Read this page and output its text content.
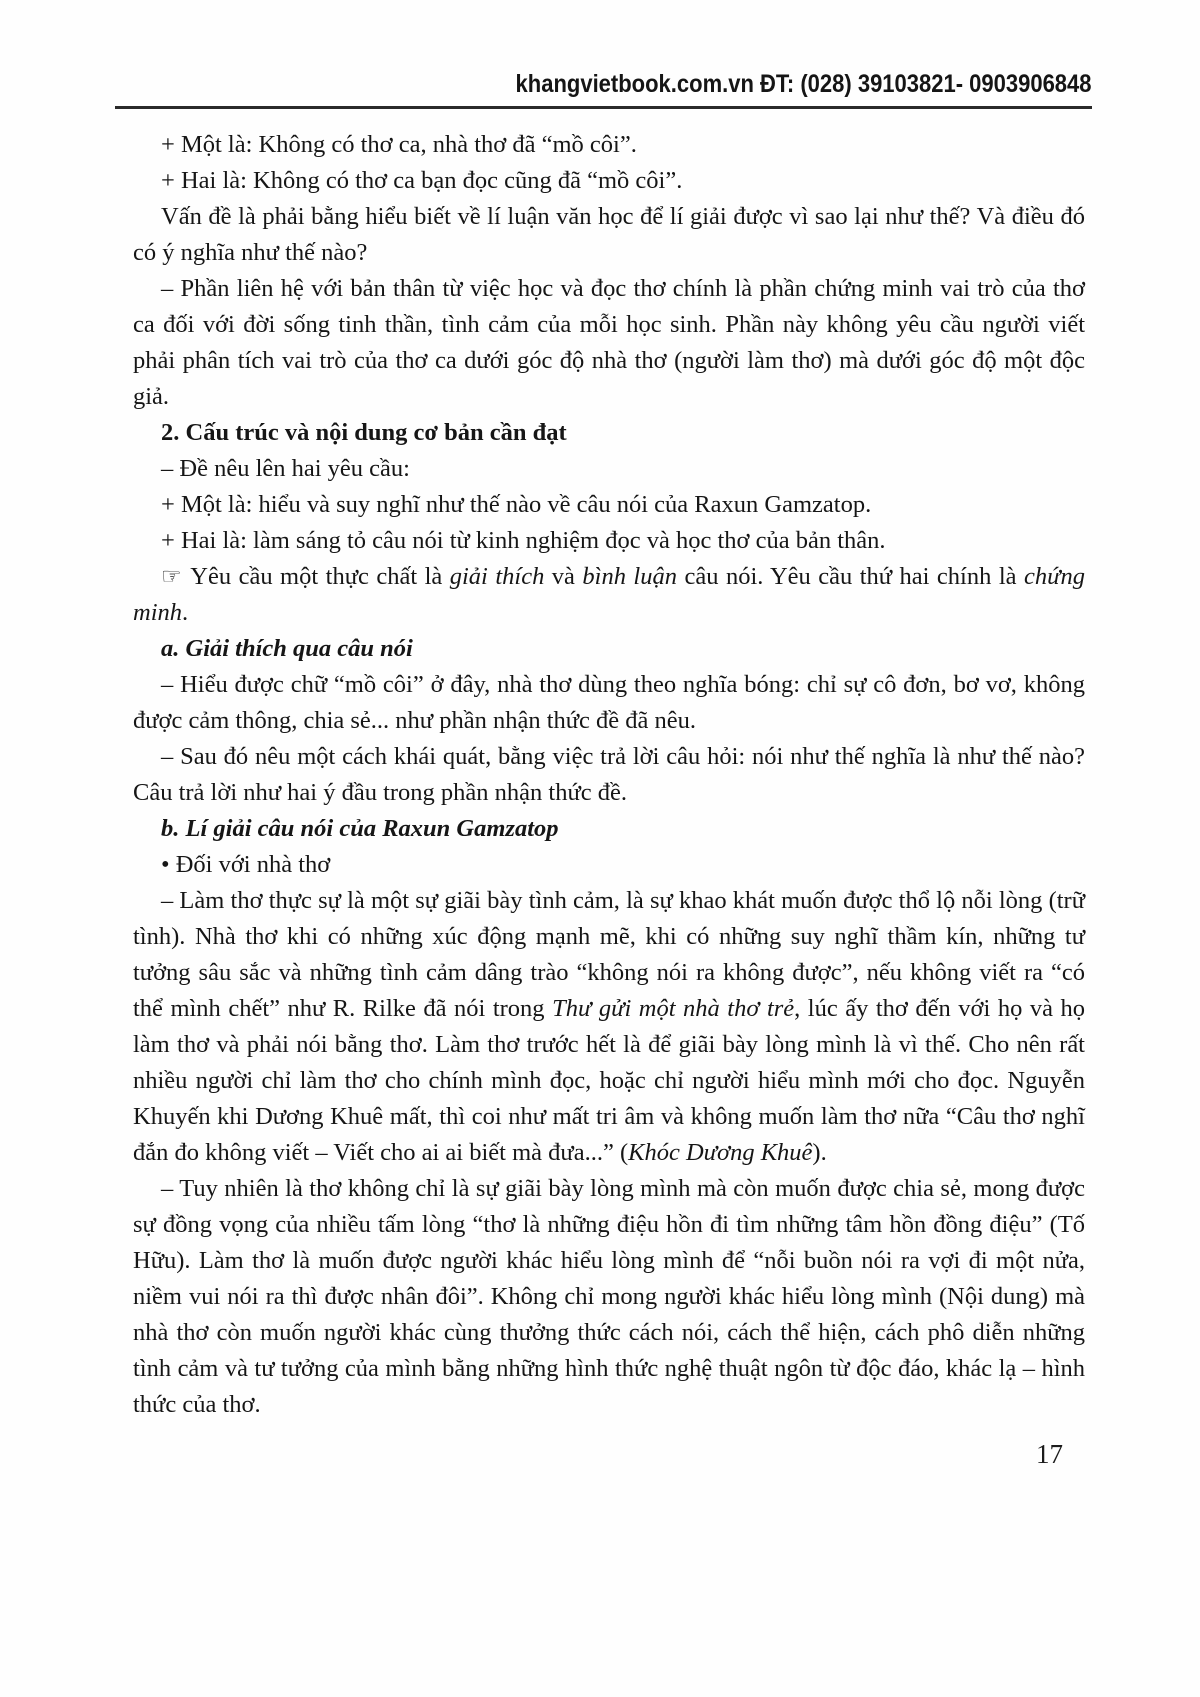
khangvietbook.com.vn ĐT: (028) 39103821- 0903906848

+ Một là: Không có thơ ca, nhà thơ đã “mồ côi”.

+ Hai là: Không có thơ ca bạn đọc cũng đã “mồ côi”.

Vấn đề là phải bằng hiểu biết về lí luận văn học để lí giải được vì sao lại như thế? Và điều đó có ý nghĩa như thế nào?

– Phần liên hệ với bản thân từ việc học và đọc thơ chính là phần chứng minh vai trò của thơ ca đối với đời sống tinh thần, tình cảm của mỗi học sinh. Phần này không yêu cầu người viết phải phân tích vai trò của thơ ca dưới góc độ nhà thơ (người làm thơ) mà dưới góc độ một độc giả.

2. Cấu trúc và nội dung cơ bản cần đạt

– Đề nêu lên hai yêu cầu:

+ Một là: hiểu và suy nghĩ như thế nào về câu nói của Raxun Gamzatop.

+ Hai là: làm sáng tỏ câu nói từ kinh nghiệm đọc và học thơ của bản thân.

☞ Yêu cầu một thực chất là giải thích và bình luận câu nói. Yêu cầu thứ hai chính là chứng minh.

a. Giải thích qua câu nói

– Hiểu được chữ “mồ côi” ở đây, nhà thơ dùng theo nghĩa bóng: chỉ sự cô đơn, bơ vơ, không được cảm thông, chia sẻ... như phần nhận thức đề đã nêu.

– Sau đó nêu một cách khái quát, bằng việc trả lời câu hỏi: nói như thế nghĩa là như thế nào? Câu trả lời như hai ý đầu trong phần nhận thức đề.

b. Lí giải câu nói của Raxun Gamzatop

• Đối với nhà thơ

– Làm thơ thực sự là một sự giãi bày tình cảm, là sự khao khát muốn được thổ lộ nỗi lòng (trữ tình). Nhà thơ khi có những xúc động mạnh mẽ, khi có những suy nghĩ thầm kín, những tư tưởng sâu sắc và những tình cảm dâng trào “không nói ra không được”, nếu không viết ra “có thể mình chết” như R. Rilke đã nói trong Thư gửi một nhà thơ trẻ, lúc ấy thơ đến với họ và họ làm thơ và phải nói bằng thơ. Làm thơ trước hết là để giãi bày lòng mình là vì thế. Cho nên rất nhiều người chỉ làm thơ cho chính mình đọc, hoặc chỉ người hiểu mình mới cho đọc. Nguyễn Khuyến khi Dương Khuê mất, thì coi như mất tri âm và không muốn làm thơ nữa “Câu thơ nghĩ đắn đo không viết – Viết cho ai ai biết mà đưa...” (Khóc Dương Khuê).

– Tuy nhiên là thơ không chỉ là sự giãi bày lòng mình mà còn muốn được chia sẻ, mong được sự đồng vọng của nhiều tấm lòng “thơ là những điệu hồn đi tìm những tâm hồn đồng điệu” (Tố Hữu). Làm thơ là muốn được người khác hiểu lòng mình để “nỗi buồn nói ra vợi đi một nửa, niềm vui nói ra thì được nhân đôi”. Không chỉ mong người khác hiểu lòng mình (Nội dung) mà nhà thơ còn muốn người khác cùng thưởng thức cách nói, cách thể hiện, cách phô diễn những tình cảm và tư tưởng của mình bằng những hình thức nghệ thuật ngôn từ độc đáo, khác lạ – hình thức của thơ.

17
